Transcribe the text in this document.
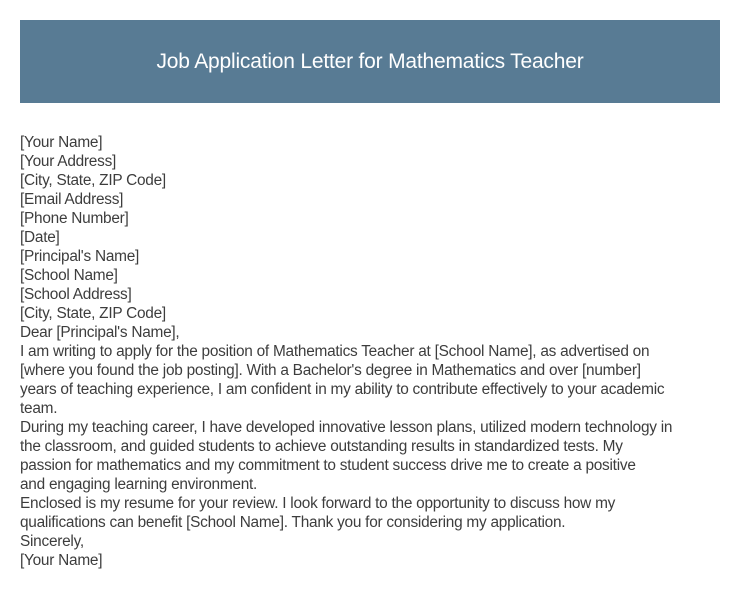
Job Application Letter for Mathematics Teacher
[Your Name]
[Your Address]
[City, State, ZIP Code]
[Email Address]
[Phone Number]
[Date]
[Principal's Name]
[School Name]
[School Address]
[City, State, ZIP Code]
Dear [Principal's Name],
I am writing to apply for the position of Mathematics Teacher at [School Name], as advertised on
[where you found the job posting]. With a Bachelor's degree in Mathematics and over [number]
years of teaching experience, I am confident in my ability to contribute effectively to your academic
team.
During my teaching career, I have developed innovative lesson plans, utilized modern technology in
the classroom, and guided students to achieve outstanding results in standardized tests. My
passion for mathematics and my commitment to student success drive me to create a positive
and engaging learning environment.
Enclosed is my resume for your review. I look forward to the opportunity to discuss how my
qualifications can benefit [School Name]. Thank you for considering my application.
Sincerely,
[Your Name]
